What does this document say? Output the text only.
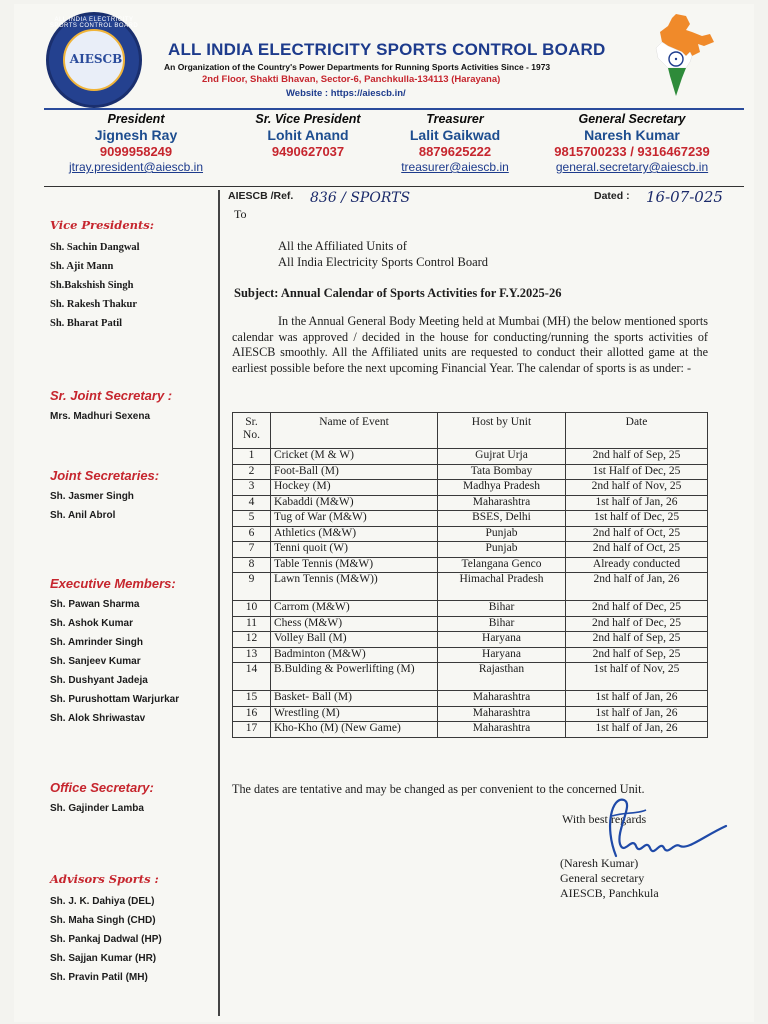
ALL INDIA ELECTRICITY SPORTS CONTROL BOARD
AIESCB	ALL INDIA ELECTRICITY SPORTS CONTROL BOARD
An Organization of the Country's Power Departments for Running Sports Activities Since - 1973
2nd Floor, Shakti Bhavan, Sector-6, Panchkulla-134113 (Harayana)
Website : https://aiescb.in/
President
Jignesh Ray
9099958249
jtray.president@aiescb.in
Sr. Vice President
Lohit Anand
9490627037
Treasurer
Lalit Gaikwad
8879625222
treasurer@aiescb.in
General Secretary
Naresh Kumar
9815700233 / 9316467239
general.secretary@aiescb.in
AIESCB /Ref. 836 / SPORTS	Dated : 16-07-025
Vice Presidents:
Sh. Sachin Dangwal
Sh. Ajit Mann
Sh.Bakshish Singh
Sh. Rakesh Thakur
Sh. Bharat Patil
Sr. Joint Secretary :
Mrs. Madhuri Sexena
Joint Secretaries:
Sh. Jasmer Singh
Sh. Anil Abrol
Executive Members:
Sh. Pawan Sharma
Sh. Ashok Kumar
Sh. Amrinder Singh
Sh. Sanjeev Kumar
Sh. Dushyant Jadeja
Sh. Purushottam Warjurkar
Sh. Alok Shriwastav
Office Secretary:
Sh. Gajinder Lamba
Advisors Sports :
Sh. J. K. Dahiya (DEL)
Sh. Maha Singh (CHD)
Sh. Pankaj Dadwal (HP)
Sh. Sajjan Kumar (HR)
Sh. Pravin Patil (MH)
To
All the Affiliated Units of
All India Electricity Sports Control Board
Subject: Annual Calendar of Sports Activities for F.Y.2025-26
In the Annual General Body Meeting held at Mumbai (MH) the below mentioned sports calendar was approved / decided in the house for conducting/running the sports activities of AIESCB smoothly. All the Affiliated units are requested to conduct their allotted game at the earliest possible before the next upcoming Financial Year. The calendar of sports is as under: -
Sr. No.	Name of Event	Host by Unit	Date
1	Cricket (M & W)	Gujrat Urja	2nd half of Sep, 25
2	Foot-Ball (M)	Tata Bombay	1st Half of Dec, 25
3	Hockey (M)	Madhya Pradesh	2nd half of Nov, 25
4	Kabaddi (M&W)	Maharashtra	1st half of Jan, 26
5	Tug of War (M&W)	BSES, Delhi	1st half of Dec, 25
6	Athletics (M&W)	Punjab	2nd half of Oct, 25
7	Tenni quoit (W)	Punjab	2nd half of Oct, 25
8	Table Tennis (M&W)	Telangana Genco	Already conducted
9	Lawn Tennis (M&W))	Himachal Pradesh	2nd half of Jan, 26
10	Carrom (M&W)	Bihar	2nd half of Dec, 25
11	Chess (M&W)	Bihar	2nd half of Dec, 25
12	Volley Ball (M)	Haryana	2nd half of Sep, 25
13	Badminton (M&W)	Haryana	2nd half of Sep, 25
14	B.Bulding & Powerlifting (M)	Rajasthan	1st half of Nov, 25
15	Basket- Ball (M)	Maharashtra	1st half of Jan, 26
16	Wrestling (M)	Maharashtra	1st half of Jan, 26
17	Kho-Kho (M) (New Game)	Maharashtra	1st half of Jan, 26
The dates are tentative and may be changed as per convenient to the concerned Unit.
With best regards
(Naresh Kumar)
General secretary
AIESCB, Panchkula
